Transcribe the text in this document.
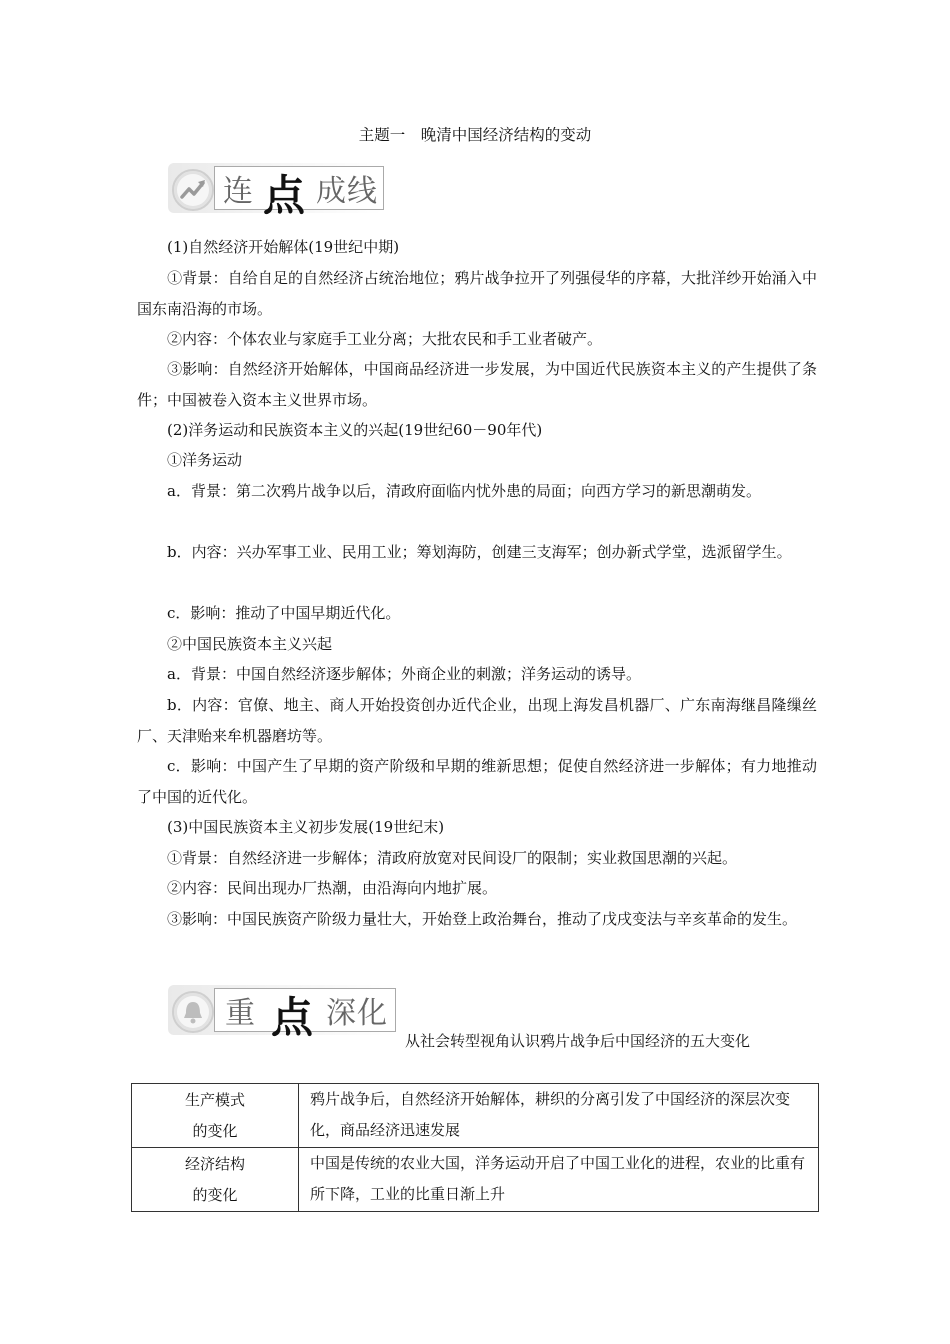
主题一　晚清中国经济结构的变动
连 点 成线
(1)自然经济开始解体(19世纪中期)
①背景：自给自足的自然经济占统治地位；鸦片战争拉开了列强侵华的序幕，大批洋纱开始涌入中国东南沿海的市场。
②内容：个体农业与家庭手工业分离；大批农民和手工业者破产。
③影响：自然经济开始解体，中国商品经济进一步发展，为中国近代民族资本主义的产生提供了条件；中国被卷入资本主义世界市场。
(2)洋务运动和民族资本主义的兴起(19世纪60－90年代)
①洋务运动
a．背景：第二次鸦片战争以后，清政府面临内忧外患的局面；向西方学习的新思潮萌发。
b．内容：兴办军事工业、民用工业；筹划海防，创建三支海军；创办新式学堂，选派留学生。
c．影响：推动了中国早期近代化。
②中国民族资本主义兴起
a．背景：中国自然经济逐步解体；外商企业的刺激；洋务运动的诱导。
b．内容：官僚、地主、商人开始投资创办近代企业，出现上海发昌机器厂、广东南海继昌隆缫丝厂、天津贻来牟机器磨坊等。
c．影响：中国产生了早期的资产阶级和早期的维新思想；促使自然经济进一步解体；有力地推动了中国的近代化。
(3)中国民族资本主义初步发展(19世纪末)
①背景：自然经济进一步解体；清政府放宽对民间设厂的限制；实业救国思潮的兴起。
②内容：民间出现办厂热潮，由沿海向内地扩展。
③影响：中国民族资产阶级力量壮大，开始登上政治舞台，推动了戊戌变法与辛亥革命的发生。
重 点 深化
从社会转型视角认识鸦片战争后中国经济的五大变化
生产模式
的变化	鸦片战争后，自然经济开始解体，耕织的分离引发了中国经济的深层次变化，商品经济迅速发展

经济结构
的变化	中国是传统的农业大国，洋务运动开启了中国工业化的进程，农业的比重有所下降，工业的比重日渐上升
